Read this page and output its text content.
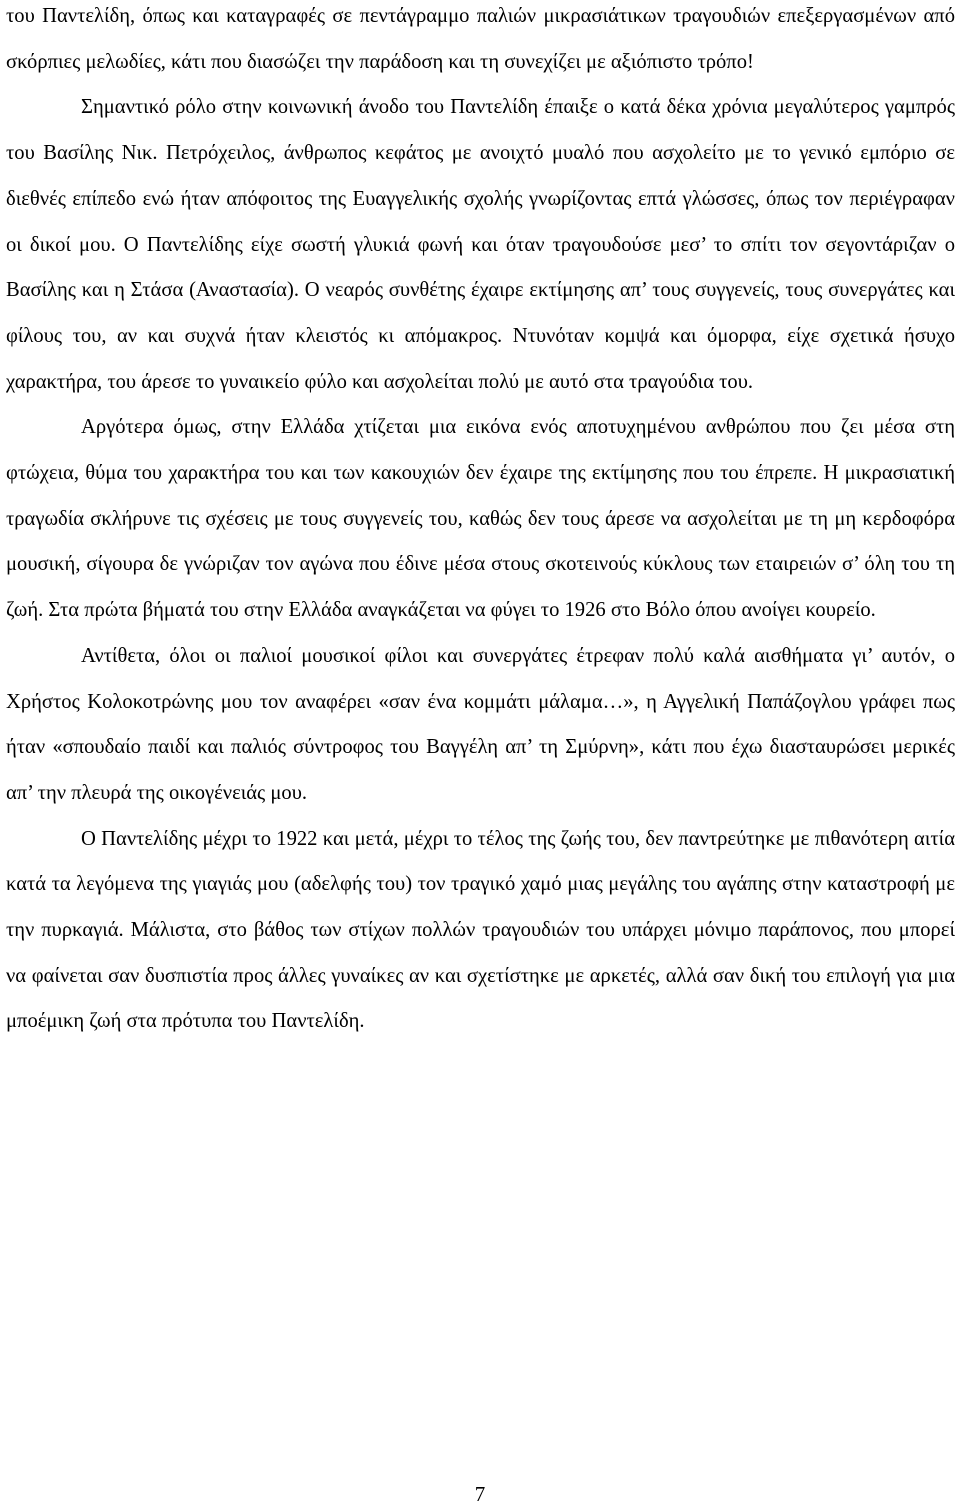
του Παντελίδη, όπως και καταγραφές σε πεντάγραμμο παλιών μικρασιάτικων τραγουδιών επεξεργασμένων από σκόρπιες μελωδίες, κάτι που διασώζει την παράδοση και τη συνεχίζει με αξιόπιστο τρόπο!

Σημαντικό ρόλο στην κοινωνική άνοδο του Παντελίδη έπαιξε ο κατά δέκα χρόνια μεγαλύτερος γαμπρός του Βασίλης Νικ. Πετρόχειλος, άνθρωπος κεφάτος με ανοιχτό μυαλό που ασχολείτο με το γενικό εμπόριο σε διεθνές επίπεδο ενώ ήταν απόφοιτος της Ευαγγελικής σχολής γνωρίζοντας επτά γλώσσες, όπως τον περιέγραφαν οι δικοί μου. Ο Παντελίδης είχε σωστή γλυκιά φωνή και όταν τραγουδούσε μεσ’ το σπίτι τον σεγοντάριζαν ο Βασίλης και η Στάσα (Αναστασία). Ο νεαρός συνθέτης έχαιρε εκτίμησης απ’ τους συγγενείς, τους συνεργάτες και φίλους του, αν και συχνά ήταν κλειστός κι απόμακρος. Ντυνόταν κομψά και όμορφα, είχε σχετικά ήσυχο χαρακτήρα, του άρεσε το γυναικείο φύλο και ασχολείται πολύ με αυτό στα τραγούδια του.

Αργότερα όμως, στην Ελλάδα χτίζεται μια εικόνα ενός αποτυχημένου ανθρώπου που ζει μέσα στη φτώχεια, θύμα του χαρακτήρα του και των κακουχιών δεν έχαιρε της εκτίμησης που του έπρεπε. Η μικρασιατική τραγωδία σκλήρυνε τις σχέσεις με τους συγγενείς του, καθώς δεν τους άρεσε να ασχολείται με τη μη κερδοφόρα μουσική, σίγουρα δε γνώριζαν τον αγώνα που έδινε μέσα στους σκοτεινούς κύκλους των εταιρειών σ’ όλη του τη ζωή. Στα πρώτα βήματά του στην Ελλάδα αναγκάζεται να φύγει το 1926 στο Βόλο όπου ανοίγει κουρείο.

Αντίθετα, όλοι οι παλιοί μουσικοί φίλοι και συνεργάτες έτρεφαν πολύ καλά αισθήματα γι’ αυτόν, ο Χρήστος Κολοκοτρώνης μου τον αναφέρει «σαν ένα κομμάτι μάλαμα…», η Αγγελική Παπάζογλου γράφει πως ήταν «σπουδαίο παιδί και παλιός σύντροφος του Βαγγέλη απ’ τη Σμύρνη», κάτι που έχω διασταυρώσει μερικές απ’ την πλευρά της οικογένειάς μου.

Ο Παντελίδης μέχρι το 1922 και μετά, μέχρι το τέλος της ζωής του, δεν παντρεύτηκε με πιθανότερη αιτία κατά τα λεγόμενα της γιαγιάς μου (αδελφής του) τον τραγικό χαμό μιας μεγάλης του αγάπης στην καταστροφή με την πυρκαγιά. Μάλιστα, στο βάθος των στίχων πολλών τραγουδιών του υπάρχει μόνιμο παράπονος, που μπορεί να φαίνεται σαν δυσπιστία προς άλλες γυναίκες αν και σχετίστηκε με αρκετές, αλλά σαν δική του επιλογή για μια μποέμικη ζωή στα πρότυπα του Παντελίδη.

7
